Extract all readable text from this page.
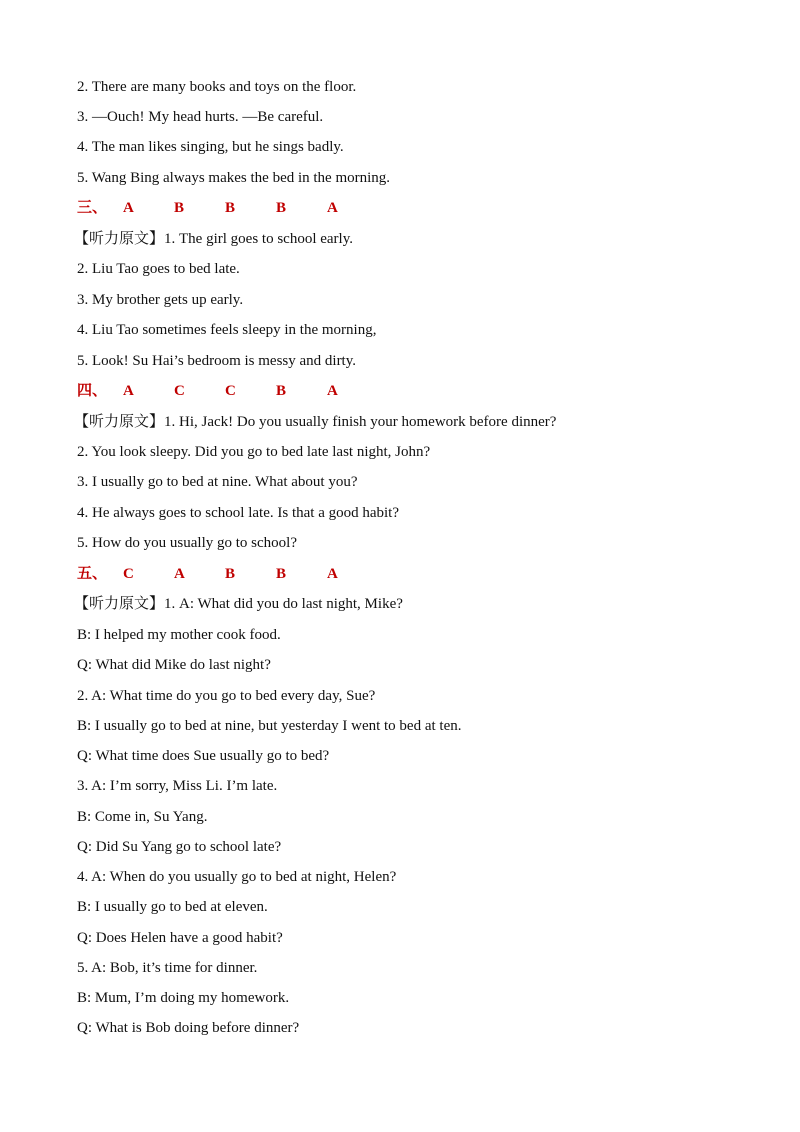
2. There are many books and toys on the floor.
3. —Ouch! My head hurts. —Be careful.
4. The man likes singing, but he sings badly.
5. Wang Bing always makes the bed in the morning.
三、 A	B	B	B	A
【听力原文】1. The girl goes to school early.
2. Liu Tao goes to bed late.
3. My brother gets up early.
4. Liu Tao sometimes feels sleepy in the morning,
5. Look! Su Hai’s bedroom is messy and dirty.
四、 A	C	C	B	A
【听力原文】1. Hi, Jack! Do you usually finish your homework before dinner?
2. You look sleepy. Did you go to bed late last night, John?
3. I usually go to bed at nine. What about you?
4. He always goes to school late. Is that a good habit?
5. How do you usually go to school?
五、 C	A	B	B	A
【听力原文】1. A: What did you do last night, Mike?
B: I helped my mother cook food.
Q: What did Mike do last night?
2. A: What time do you go to bed every day, Sue?
B: I usually go to bed at nine, but yesterday I went to bed at ten.
Q: What time does Sue usually go to bed?
3. A: I’m sorry, Miss Li. I’m late.
B: Come in, Su Yang.
Q: Did Su Yang go to school late?
4. A: When do you usually go to bed at night, Helen?
B: I usually go to bed at eleven.
Q: Does Helen have a good habit?
5. A: Bob, it’s time for dinner.
B: Mum, I’m doing my homework.
Q: What is Bob doing before dinner?
